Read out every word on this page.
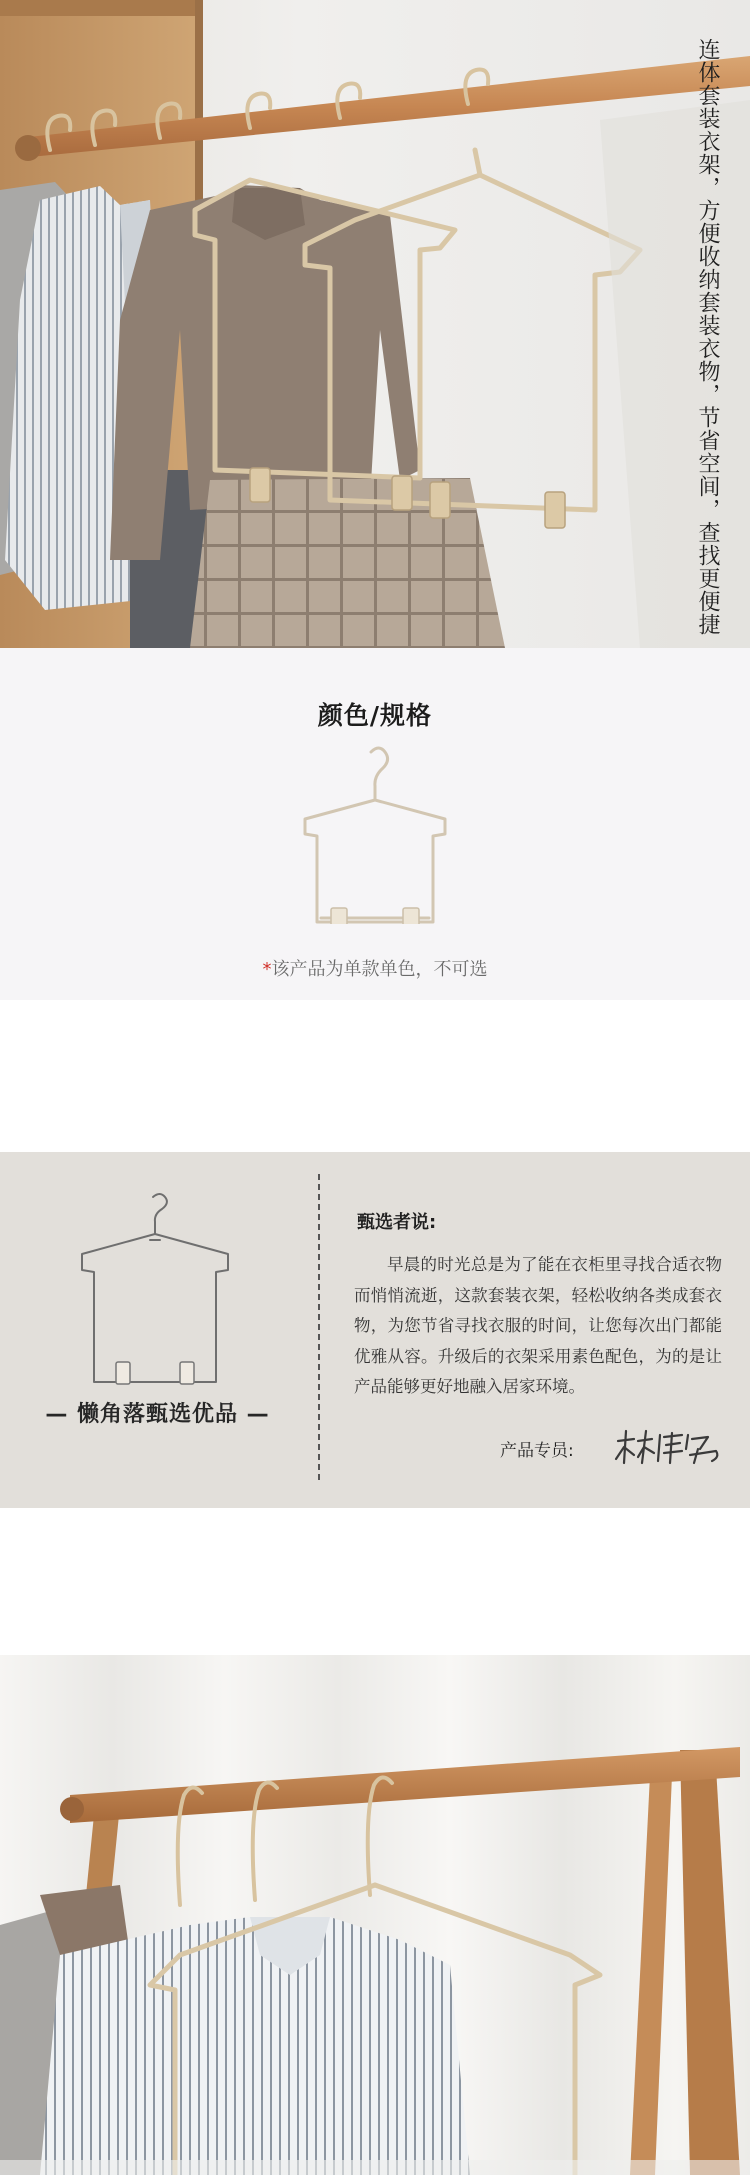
连体套装衣架，方便收纳套装衣物，节省空间，查找更便捷
颜色/规格
*该产品为单款单色，不可选
— 懒角落甄选优品 —
甄选者说:
早晨的时光总是为了能在衣柜里寻找合适衣物而悄悄流逝，这款套装衣架，轻松收纳各类成套衣物，为您节省寻找衣服的时间，让您每次出门都能优雅从容。升级后的衣架采用素色配色，为的是让产品能够更好地融入居家环境。
产品专员:
